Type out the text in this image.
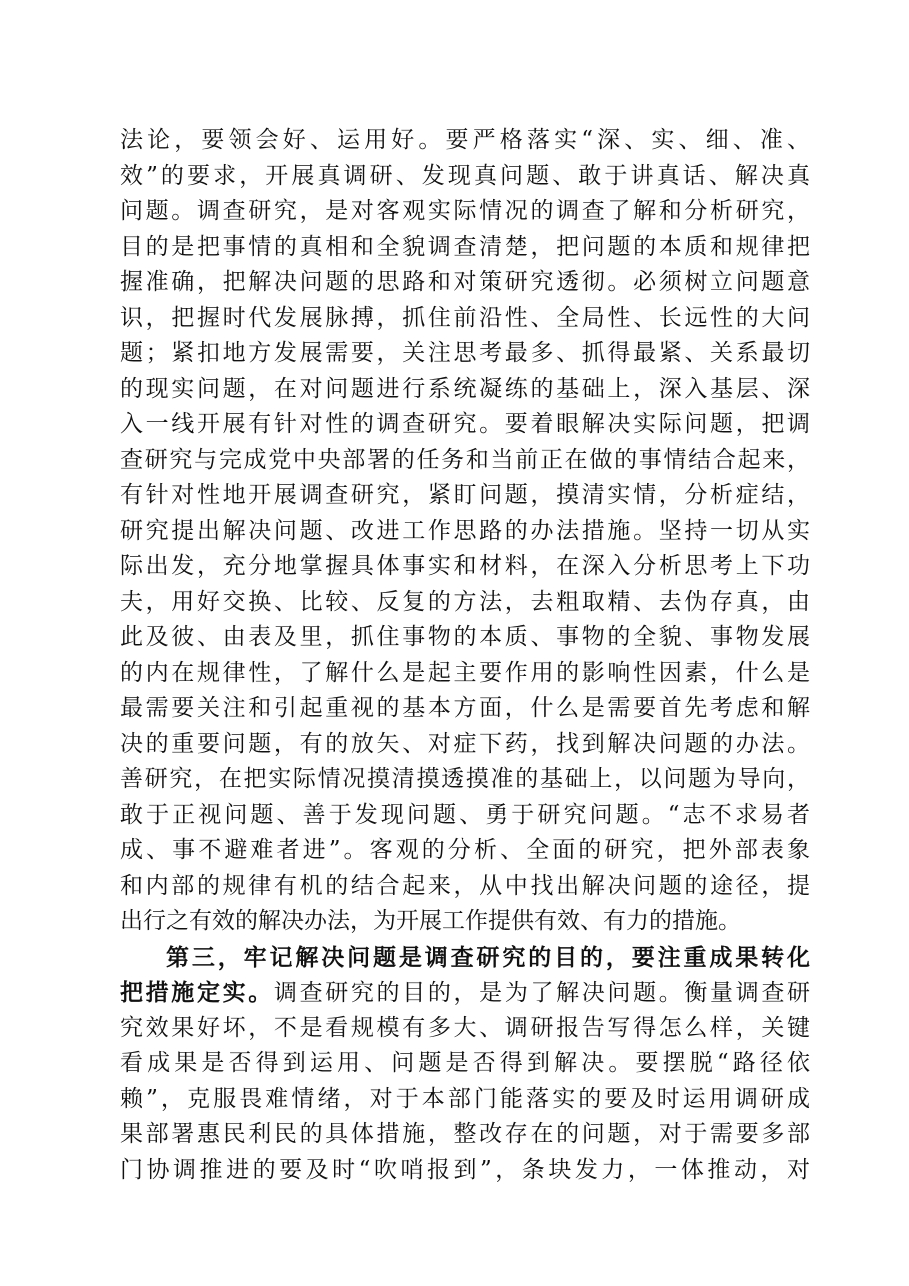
法论，要领会好、运用好。要严格落实“深、实、细、准、
效”的要求，开展真调研、发现真问题、敢于讲真话、解决真
问题。调查研究，是对客观实际情况的调查了解和分析研究，
目的是把事情的真相和全貌调查清楚，把问题的本质和规律把
握准确，把解决问题的思路和对策研究透彻。必须树立问题意
识，把握时代发展脉搏，抓住前沿性、全局性、长远性的大问
题；紧扣地方发展需要，关注思考最多、抓得最紧、关系最切
的现实问题，在对问题进行系统凝练的基础上，深入基层、深
入一线开展有针对性的调查研究。要着眼解决实际问题，把调
查研究与完成党中央部署的任务和当前正在做的事情结合起来，
有针对性地开展调查研究，紧盯问题，摸清实情，分析症结，
研究提出解决问题、改进工作思路的办法措施。坚持一切从实
际出发，充分地掌握具体事实和材料，在深入分析思考上下功
夫，用好交换、比较、反复的方法，去粗取精、去伪存真，由
此及彼、由表及里，抓住事物的本质、事物的全貌、事物发展
的内在规律性，了解什么是起主要作用的影响性因素，什么是
最需要关注和引起重视的基本方面，什么是需要首先考虑和解
决的重要问题，有的放矢、对症下药，找到解决问题的办法。
善研究，在把实际情况摸清摸透摸准的基础上，以问题为导向，
敢于正视问题、善于发现问题、勇于研究问题。“志不求易者
成、事不避难者进”。客观的分析、全面的研究，把外部表象
和内部的规律有机的结合起来，从中找出解决问题的途径，提
出行之有效的解决办法，为开展工作提供有效、有力的措施。
第三，牢记解决问题是调查研究的目的，要注重成果转化
把措施定实。调查研究的目的，是为了解决问题。衡量调查研
究效果好坏，不是看规模有多大、调研报告写得怎么样，关键
看成果是否得到运用、问题是否得到解决。要摆脱“路径依
赖”，克服畏难情绪，对于本部门能落实的要及时运用调研成
果部署惠民利民的具体措施，整改存在的问题，对于需要多部
门协调推进的要及时“吹哨报到”，条块发力，一体推动，对
